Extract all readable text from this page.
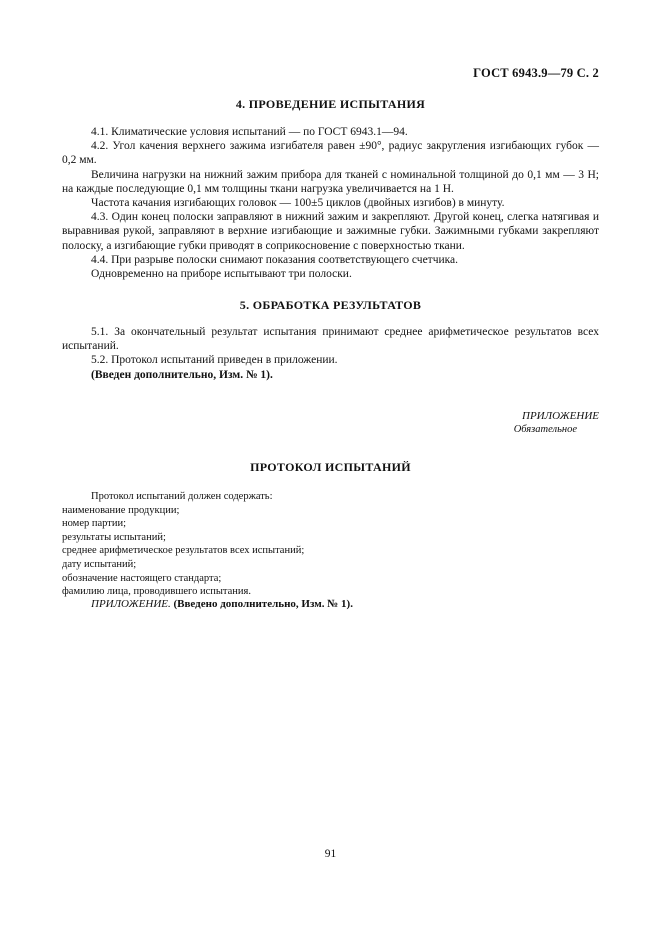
ГОСТ 6943.9—79 С. 2

4. ПРОВЕДЕНИЕ ИСПЫТАНИЯ

4.1. Климатические условия испытаний — по ГОСТ 6943.1—94.

4.2. Угол качения верхнего зажима изгибателя равен ±90°, радиус закругления изгибающих губок — 0,2 мм.

Величина нагрузки на нижний зажим прибора для тканей с номинальной толщиной до 0,1 мм — 3 Н; на каждые последующие 0,1 мм толщины ткани нагрузка увеличивается на 1 Н.

Частота качания изгибающих головок — 100±5 циклов (двойных изгибов) в минуту.

4.3. Один конец полоски заправляют в нижний зажим и закрепляют. Другой конец, слегка натягивая и выравнивая рукой, заправляют в верхние изгибающие и зажимные губки. Зажимными губками закрепляют полоску, а изгибающие губки приводят в соприкосновение с поверхностью ткани.

4.4. При разрыве полоски снимают показания соответствующего счетчика.

Одновременно на приборе испытывают три полоски.

5. ОБРАБОТКА РЕЗУЛЬТАТОВ

5.1. За окончательный результат испытания принимают среднее арифметическое результатов всех испытаний.

5.2. Протокол испытаний приведен в приложении.

(Введен дополнительно, Изм. № 1).

ПРИЛОЖЕНИЕ
Обязательное

ПРОТОКОЛ ИСПЫТАНИЙ

Протокол испытаний должен содержать:
наименование продукции;
номер партии;
результаты испытаний;
среднее арифметическое результатов всех испытаний;
дату испытаний;
обозначение настоящего стандарта;
фамилию лица, проводившего испытания.
ПРИЛОЖЕНИЕ. (Введено дополнительно, Изм. № 1).
91
